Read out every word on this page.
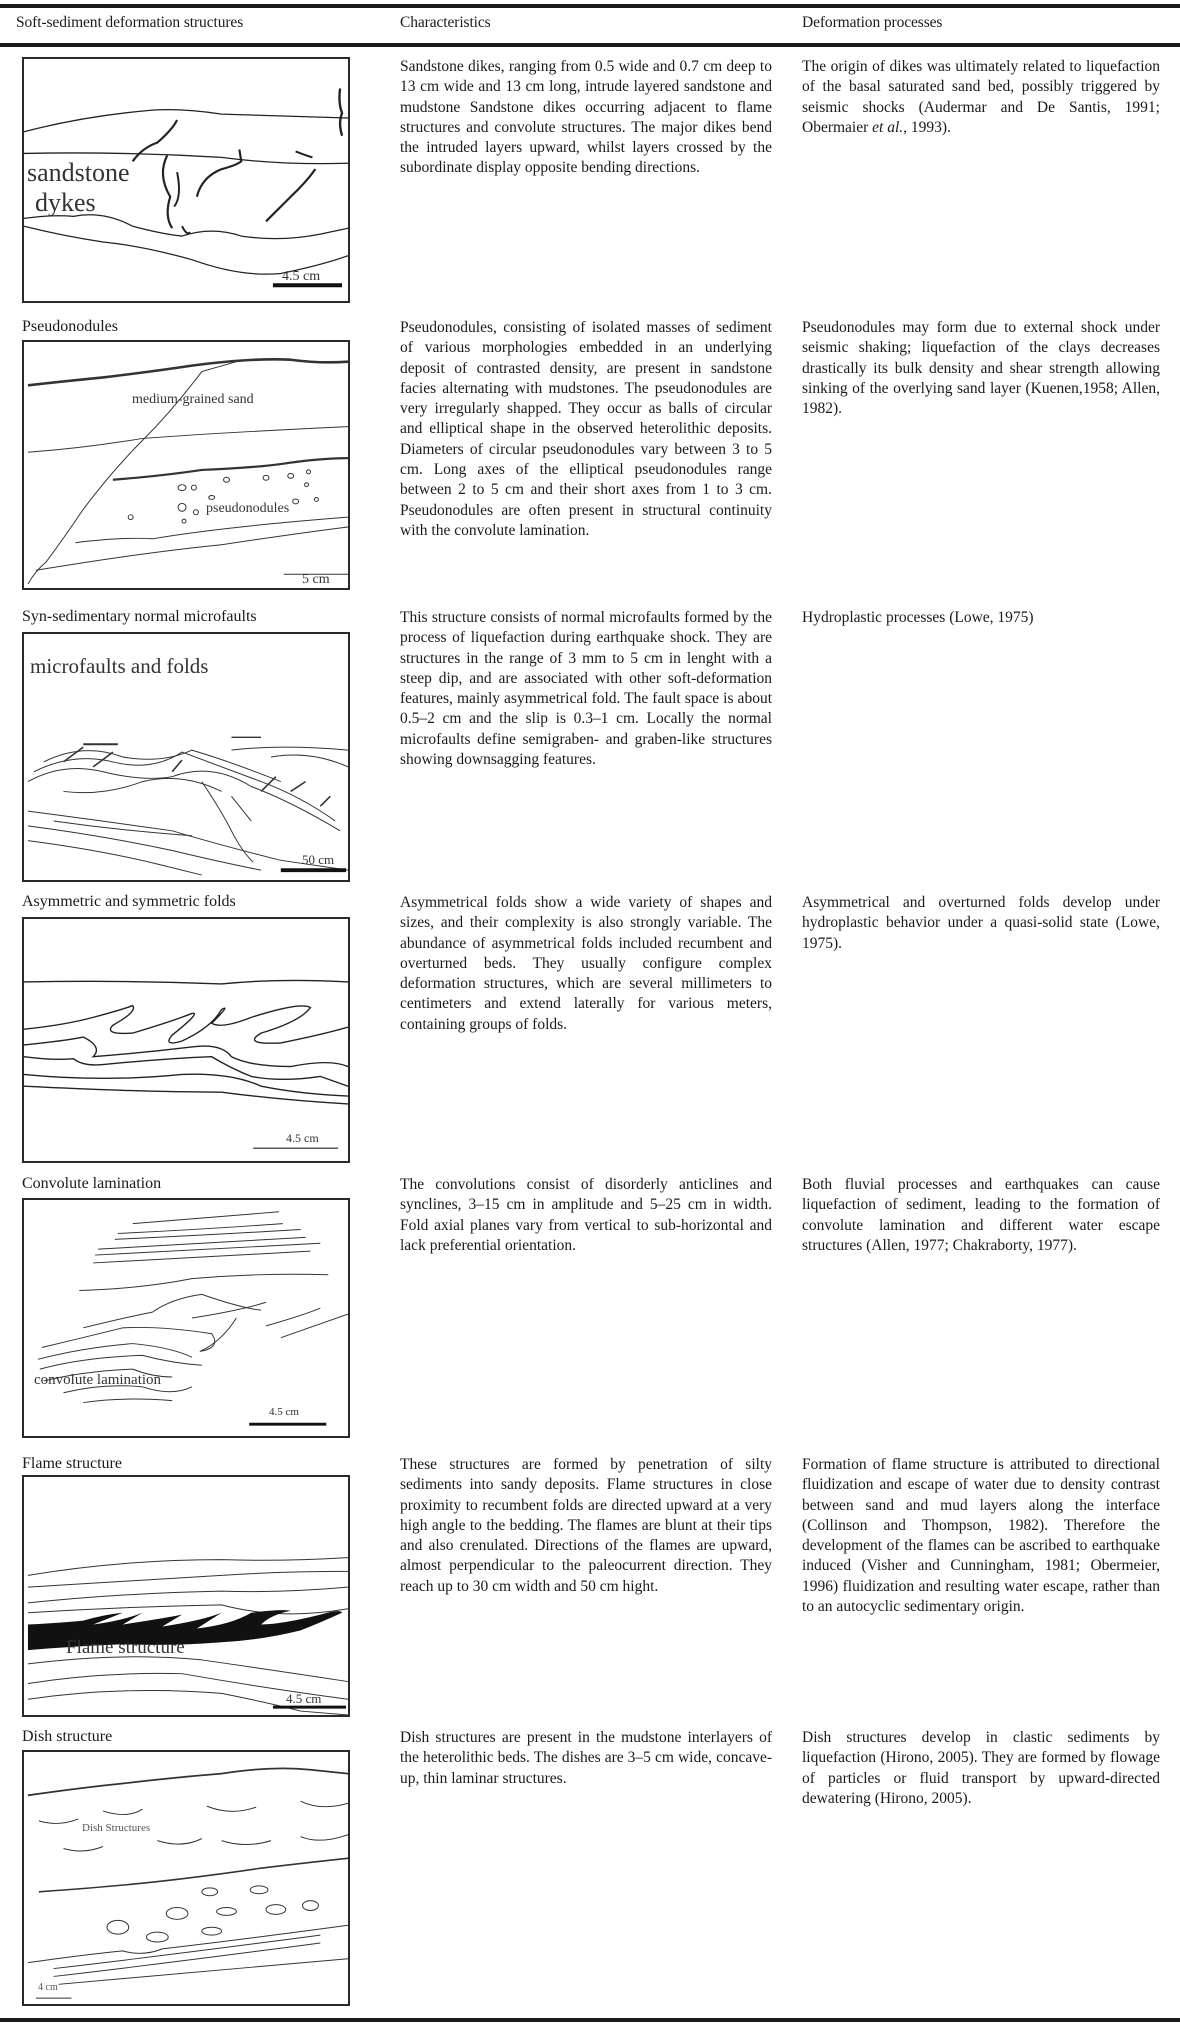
Soft-sediment deformation structures	Characteristics	Deformation processes
sandstone
dykes
4.5 cm
Sandstone dikes, ranging from 0.5 wide and 0.7 cm deep to 13 cm wide and 13 cm long, intrude layered sandstone and mudstone Sandstone dikes occurring adjacent to flame structures and convolute structures. The major dikes bend the intruded layers upward, whilst layers crossed by the subordinate display opposite bending directions.
The origin of dikes was ultimately related to liquefaction of the basal saturated sand bed, possibly triggered by seismic shocks (Audermar and De Santis, 1991; Obermaier et al., 1993).
Pseudonodules
medium-grained sand
pseudonodules
5 cm
Pseudonodules, consisting of isolated masses of sediment of various morphologies embedded in an underlying deposit of contrasted density, are present in sandstone facies alternating with mudstones. The pseudonodules are very irregularly shapped. They occur as balls of circular and elliptical shape in the observed heterolithic deposits. Diameters of circular pseudonodules vary between 3 to 5 cm. Long axes of the elliptical pseudonodules range between 2 to 5 cm and their short axes from 1 to 3 cm. Pseudonodules are often present in structural continuity with the convolute lamination.
Pseudonodules may form due to external shock under seismic shaking; liquefaction of the clays decreases drastically its bulk density and shear strength allowing sinking of the overlying sand layer (Kuenen,1958; Allen, 1982).
Syn-sedimentary normal microfaults
microfaults and folds
50 cm
This structure consists of normal microfaults formed by the process of liquefaction during earthquake shock. They are structures in the range of 3 mm to 5 cm in lenght with a steep dip, and are associated with other soft-deformation features, mainly asymmetrical fold. The fault space is about 0.5–2 cm and the slip is 0.3–1 cm. Locally the normal microfaults define semigraben- and graben-like structures showing downsagging features.
Hydroplastic processes (Lowe, 1975)
Asymmetric and symmetric folds
4.5 cm
Asymmetrical folds show a wide variety of shapes and sizes, and their complexity is also strongly variable. The abundance of asymmetrical folds included recumbent and overturned beds. They usually configure complex deformation structures, which are several millimeters to centimeters and extend laterally for various meters, containing groups of folds.
Asymmetrical and overturned folds develop under hydroplastic behavior under a quasi-solid state (Lowe, 1975).
Convolute lamination
convolute lamination
4.5 cm
The convolutions consist of disorderly anticlines and synclines, 3–15 cm in amplitude and 5–25 cm in width. Fold axial planes vary from vertical to sub-horizontal and lack preferential orientation.
Both fluvial processes and earthquakes can cause liquefaction of sediment, leading to the formation of convolute lamination and different water escape structures (Allen, 1977; Chakraborty, 1977).
Flame structure
Flame structure
4.5 cm
These structures are formed by penetration of silty sediments into sandy deposits. Flame structures in close proximity to recumbent folds are directed upward at a very high angle to the bedding. The flames are blunt at their tips and also crenulated. Directions of the flames are upward, almost perpendicular to the paleocurrent direction. They reach up to 30 cm width and 50 cm hight.
Formation of flame structure is attributed to directional fluidization and escape of water due to density contrast between sand and mud layers along the interface (Collinson and Thompson, 1982). Therefore the development of the flames can be ascribed to earthquake induced (Visher and Cunningham, 1981; Obermeier, 1996) fluidization and resulting water escape, rather than to an autocyclic sedimentary origin.
Dish structure
Dish Structures
4 cm
Dish structures are present in the mudstone interlayers of the heterolithic beds. The dishes are 3–5 cm wide, concave-up, thin laminar structures.
Dish structures develop in clastic sediments by liquefaction (Hirono, 2005). They are formed by flowage of particles or fluid transport by upward-directed dewatering (Hirono, 2005).
